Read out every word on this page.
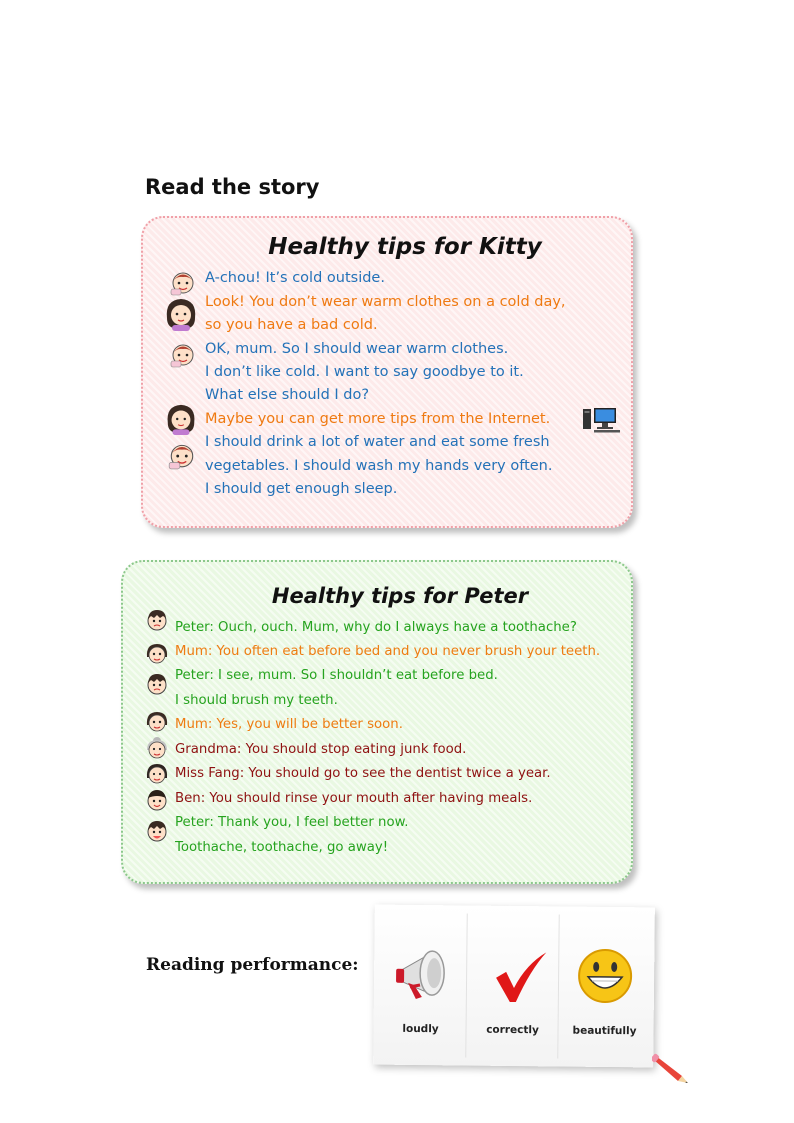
Read the story
Healthy tips for Kitty
A-chou! It’s cold outside.
Look! You don’t wear warm clothes on a cold day,
so you have a bad cold.
OK, mum. So I should wear warm clothes.
I don’t like cold. I want to say goodbye to it.
What else should I do?
Maybe you can get more tips from the Internet.
I should drink a lot of water and eat some fresh
vegetables. I should wash my hands very often.
I should get enough sleep.
Healthy tips for Peter
Peter: Ouch, ouch. Mum, why do I always have a toothache?
Mum: You often eat before bed and you never brush your teeth.
Peter: I see, mum. So I shouldn’t eat before bed.
I should brush my teeth.
Mum: Yes, you will be better soon.
Grandma: You should stop eating junk food.
Miss Fang: You should go to see the dentist twice a year.
Ben: You should rinse your mouth after having meals.
Peter: Thank you, I feel better now.
Toothache, toothache, go away!
Reading performance:
loudly	correctly	beautifully
